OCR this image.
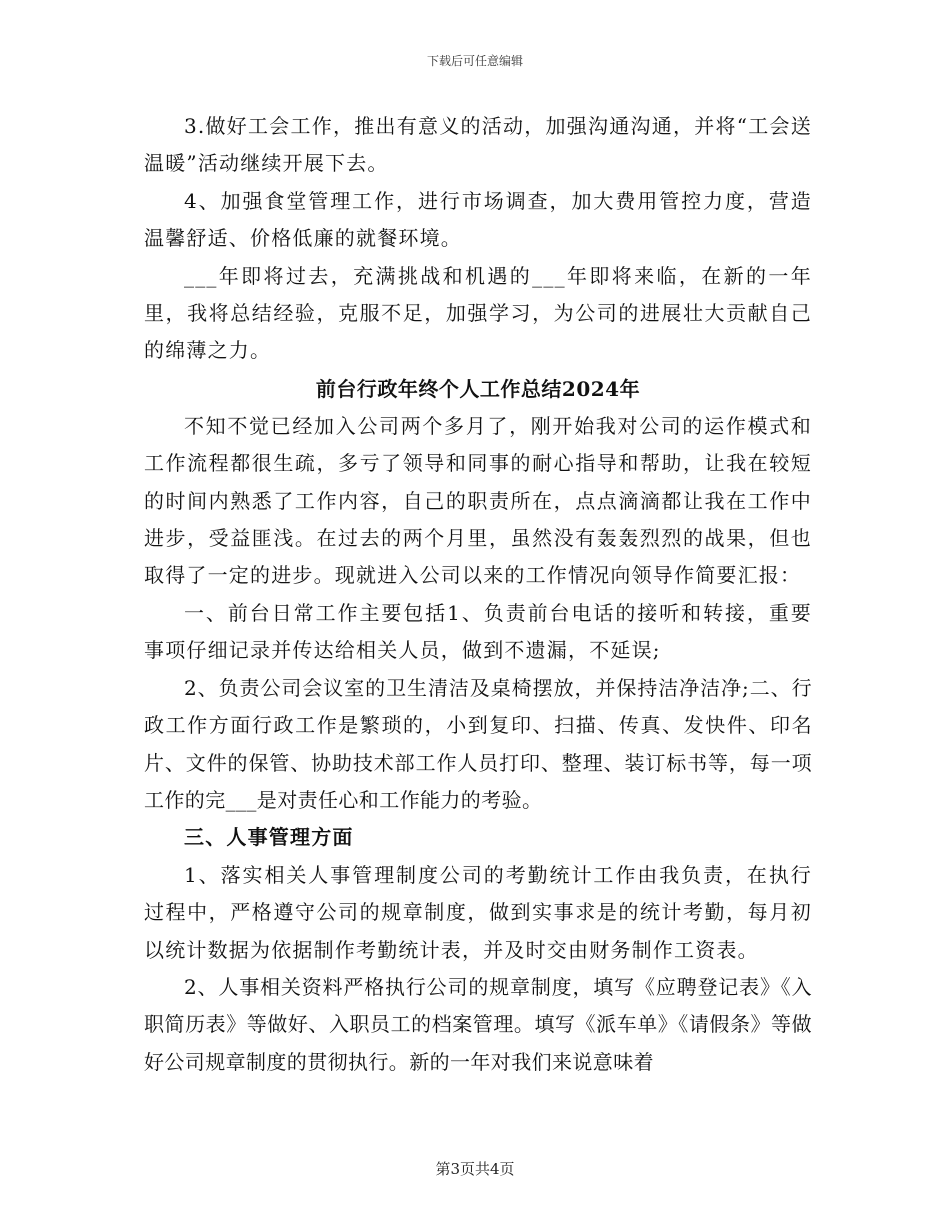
下载后可任意编辑

3.做好工会工作，推出有意义的活动，加强沟通沟通，并将“工会送温暖”活动继续开展下去。

4、加强食堂管理工作，进行市场调查，加大费用管控力度，营造温馨舒适、价格低廉的就餐环境。

___年即将过去，充满挑战和机遇的___年即将来临，在新的一年里，我将总结经验，克服不足，加强学习，为公司的进展壮大贡献自己的绵薄之力。

前台行政年终个人工作总结2024年

不知不觉已经加入公司两个多月了，刚开始我对公司的运作模式和工作流程都很生疏，多亏了领导和同事的耐心指导和帮助，让我在较短的时间内熟悉了工作内容，自己的职责所在，点点滴滴都让我在工作中进步，受益匪浅。在过去的两个月里，虽然没有轰轰烈烈的战果，但也取得了一定的进步。现就进入公司以来的工作情况向领导作简要汇报：

一、前台日常工作主要包括1、负责前台电话的接听和转接，重要事项仔细记录并传达给相关人员，做到不遗漏，不延误;

2、负责公司会议室的卫生清洁及桌椅摆放，并保持洁净洁净;二、行政工作方面行政工作是繁琐的，小到复印、扫描、传真、发快件、印名片、文件的保管、协助技术部工作人员打印、整理、装订标书等，每一项工作的完___是对责任心和工作能力的考验。

三、人事管理方面

1、落实相关人事管理制度公司的考勤统计工作由我负责，在执行过程中，严格遵守公司的规章制度，做到实事求是的统计考勤，每月初以统计数据为依据制作考勤统计表，并及时交由财务制作工资表。

2、人事相关资料严格执行公司的规章制度，填写《应聘登记表》《入职简历表》等做好、入职员工的档案管理。填写《派车单》《请假条》等做好公司规章制度的贯彻执行。新的一年对我们来说意味着

第3页共4页
